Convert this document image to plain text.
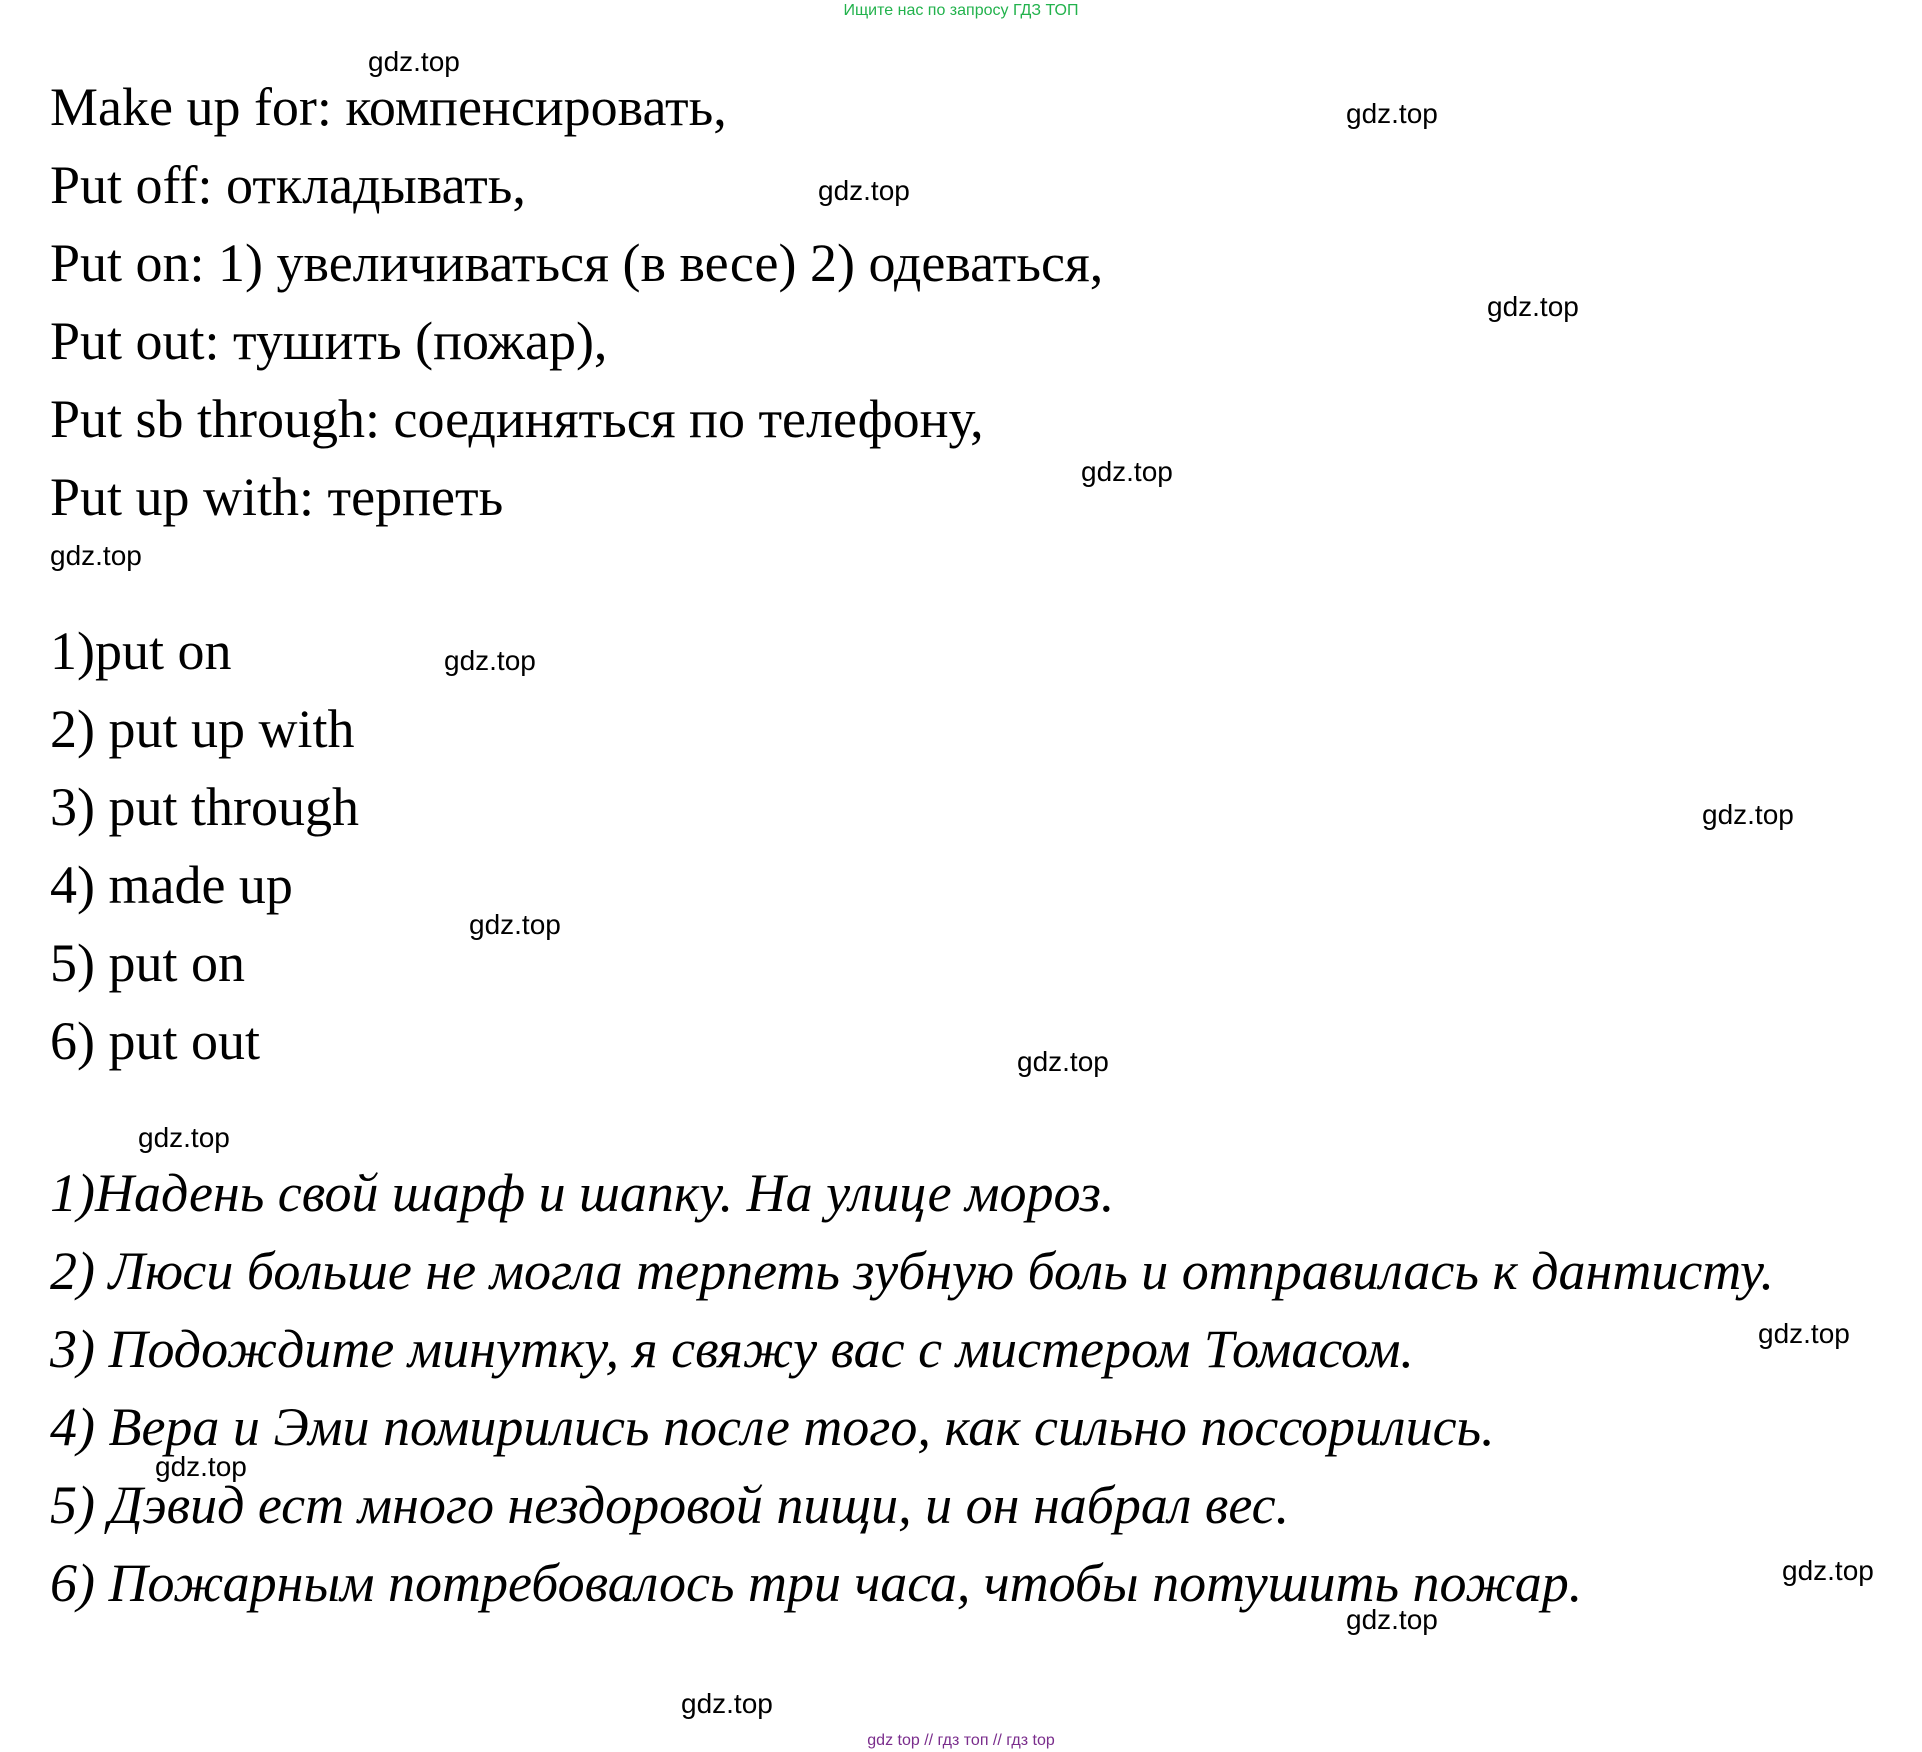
Ищите нас по запросу ГДЗ ТОП
Make up for: компенсировать,
Put off: откладывать,
Put on: 1) увеличиваться (в весе) 2) одеваться,
Put out: тушить (пожар),
Put sb through: соединяться по телефону,
Put up with: терпеть
1)put on
2) put up with
3) put through
4) made up
5) put on
6) put out
1)Надень свой шарф и шапку. На улице мороз.
2) Люси больше не могла терпеть зубную боль и отправилась к дантисту.
3) Подождите минутку, я свяжу вас с мистером Томасом.
4) Вера и Эми помирились после того, как сильно поссорились.
5) Дэвид ест много нездоровой пищи, и он набрал вес.
6) Пожарным потребовалось три часа, чтобы потушить пожар.
gdz.top
gdz.top
gdz.top
gdz.top
gdz.top
gdz.top
gdz.top
gdz.top
gdz.top
gdz.top
gdz.top
gdz.top
gdz.top
gdz.top
gdz.top
gdz.top
gdz top // гдз топ // гдз top
